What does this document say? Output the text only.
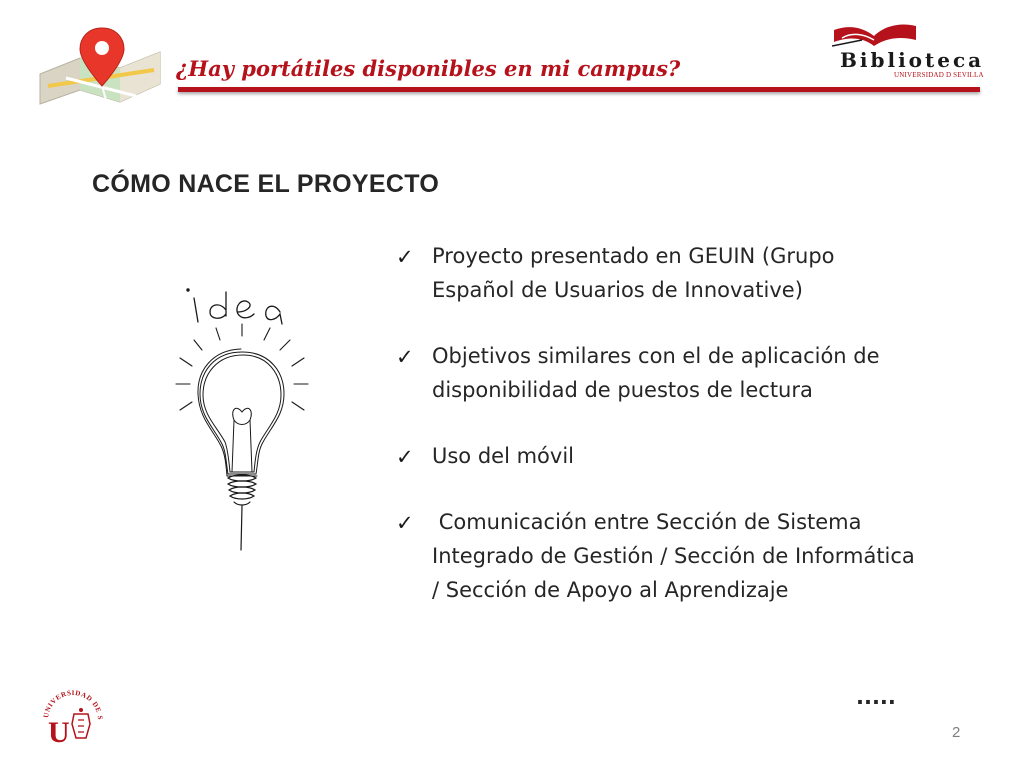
¿Hay portátiles disponibles en mi campus?	Biblioteca
UNIVERSIDAD D SEVILLA
CÓMO NACE EL PROYECTO
✓ Proyecto presentado en GEUIN (Grupo Español de Usuarios de Innovative)
✓ Objetivos similares con el de aplicación de disponibilidad de puestos de lectura
✓ Uso del móvil
✓ Comunicación entre Sección de Sistema Integrado de Gestión / Sección de Informática / Sección de Apoyo al Aprendizaje
.....
UNIVERSIDAD DE S
U	2
